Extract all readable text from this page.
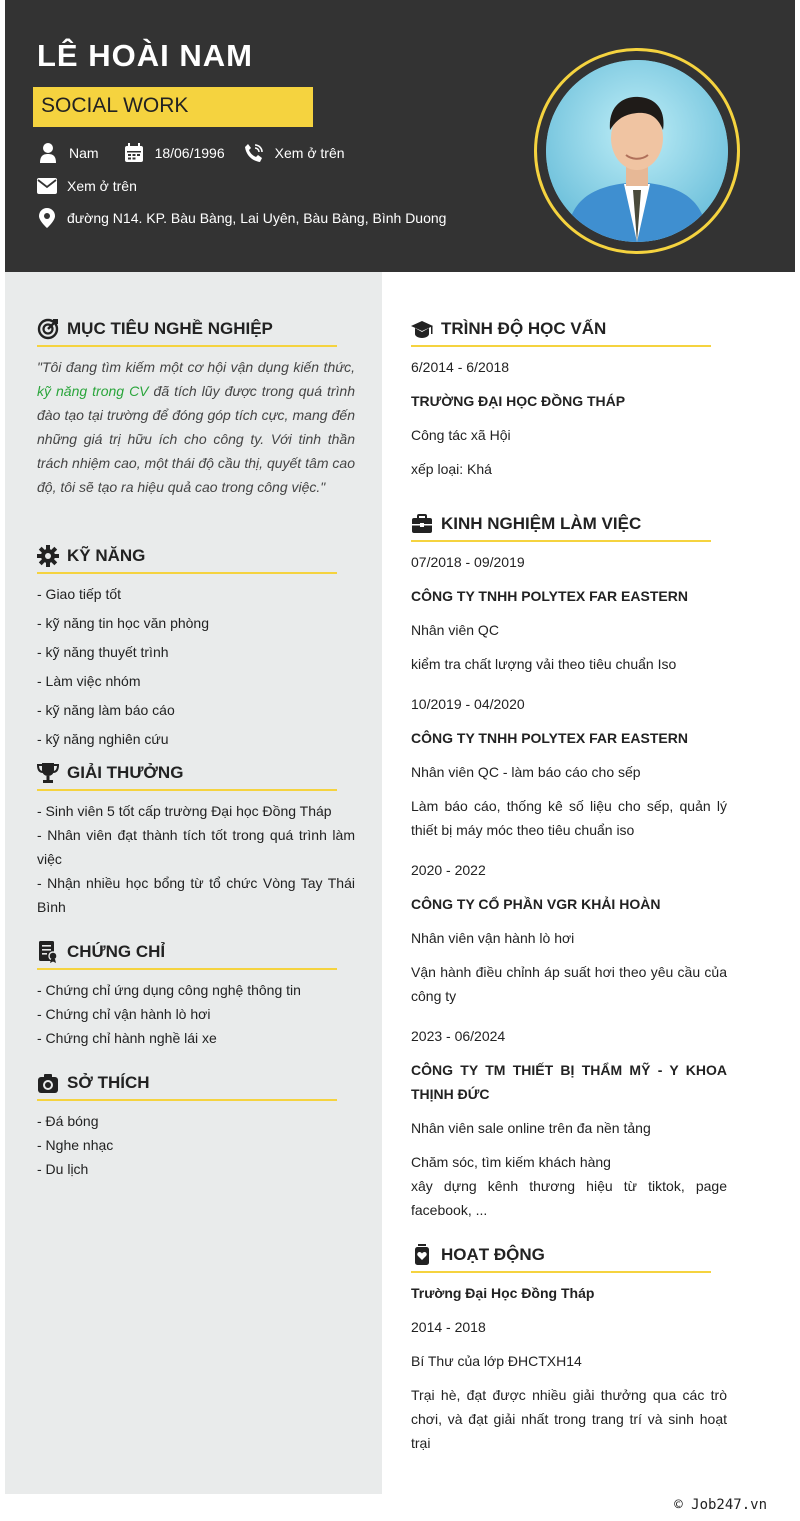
LÊ HOÀI NAM
SOCIAL WORK
Nam	18/06/1996	Xem ở trên
Xem ở trên
đường N14. KP. Bàu Bàng, Lai Uyên, Bàu Bàng, Bình Duong
MỤC TIÊU NGHỀ NGHIỆP
"Tôi đang tìm kiếm một cơ hội vận dụng kiến thức, kỹ năng trong CV đã tích lũy được trong quá trình đào tạo tại trường để đóng góp tích cực, mang đến những giá trị hữu ích cho công ty. Với tinh thần trách nhiệm cao, một thái độ cầu thị, quyết tâm cao độ, tôi sẽ tạo ra hiệu quả cao trong công việc."
KỸ NĂNG
- Giao tiếp tốt
- kỹ năng tin học văn phòng
- kỹ năng thuyết trình
- Làm việc nhóm
- kỹ năng làm báo cáo
- kỹ năng nghiên cứu
GIẢI THƯỞNG
- Sinh viên 5 tốt cấp trường Đại học Đồng Tháp
- Nhân viên đạt thành tích tốt trong quá trình làm việc
- Nhận nhiều học bổng từ tổ chức Vòng Tay Thái Bình
CHỨNG CHỈ
- Chứng chỉ ứng dụng công nghệ thông tin
- Chứng chỉ vận hành lò hơi
- Chứng chỉ hành nghề lái xe
SỞ THÍCH
- Đá bóng
- Nghe nhạc
- Du lịch
TRÌNH ĐỘ HỌC VẤN
6/2014 - 6/2018
TRƯỜNG ĐẠI HỌC ĐỒNG THÁP
Công tác xã Hội
xếp loại: Khá
KINH NGHIỆM LÀM VIỆC
07/2018 - 09/2019
CÔNG TY TNHH POLYTEX FAR EASTERN
Nhân viên QC
kiểm tra chất lượng vải theo tiêu chuẩn Iso
10/2019 - 04/2020
CÔNG TY TNHH POLYTEX FAR EASTERN
Nhân viên QC - làm báo cáo cho sếp
Làm báo cáo, thống kê số liệu cho sếp, quản lý thiết bị máy móc theo tiêu chuẩn iso
2020 - 2022
CÔNG TY CỔ PHẦN VGR KHẢI HOÀN
Nhân viên vận hành lò hơi
Vận hành điều chỉnh áp suất hơi theo yêu cầu của công ty
2023 - 06/2024
CÔNG TY TM THIẾT BỊ THẨM MỸ - Y KHOA THỊNH ĐỨC
Nhân viên sale online trên đa nền tảng
Chăm sóc, tìm kiếm khách hàng
xây dựng kênh thương hiệu từ tiktok, page facebook, ...
HOẠT ĐỘNG
Trường Đại Học Đồng Tháp
2014 - 2018
Bí Thư của lớp ĐHCTXH14
Trại hè, đạt được nhiều giải thưởng qua các trò chơi, và đạt giải nhất trong trang trí và sinh hoạt trại
© Job247.vn
